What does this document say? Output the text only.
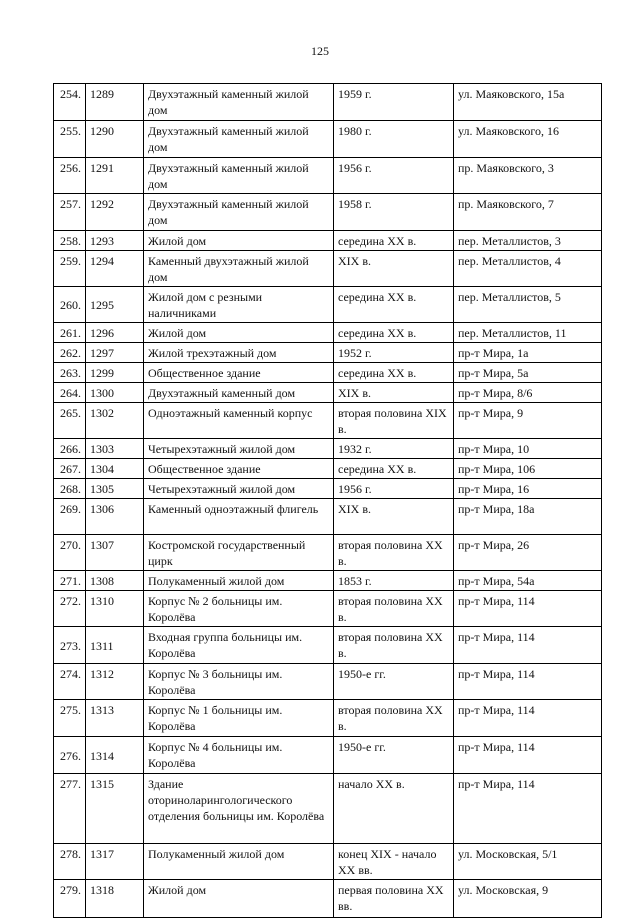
125
254.	1289	Двухэтажный каменный жилой дом	1959 г.	ул. Маяковского, 15а
255.	1290	Двухэтажный каменный жилой дом	1980 г.	ул. Маяковского, 16
256.	1291	Двухэтажный каменный жилой дом	1956 г.	пр. Маяковского, 3
257.	1292	Двухэтажный каменный жилой дом	1958 г.	пр. Маяковского, 7
258.	1293	Жилой дом	середина XX в.	пер. Металлистов, 3
259.	1294	Каменный двухэтажный жилой дом	XIX в.	пер. Металлистов, 4
260.	1295	Жилой дом с резными наличниками	середина XX в.	пер. Металлистов, 5
261.	1296	Жилой дом	середина XX в.	пер. Металлистов, 11
262.	1297	Жилой трехэтажный дом	1952 г.	пр-т Мира, 1а
263.	1299	Общественное здание	середина XX в.	пр-т Мира, 5а
264.	1300	Двухэтажный каменный дом	XIX в.	пр-т Мира, 8/6
265.	1302	Одноэтажный каменный корпус	вторая половина XIX в.	пр-т Мира, 9
266.	1303	Четырехэтажный жилой дом	1932 г.	пр-т Мира, 10
267.	1304	Общественное здание	середина XX в.	пр-т Мира, 106
268.	1305	Четырехэтажный жилой дом	1956 г.	пр-т Мира, 16
269.	1306	Каменный одноэтажный флигель	XIX в.	пр-т Мира, 18а
270.	1307	Костромской государственный цирк	вторая половина XX в.	пр-т Мира, 26
271.	1308	Полукаменный жилой дом	1853 г.	пр-т Мира, 54а
272.	1310	Корпус № 2 больницы им. Королёва	вторая половина XX в.	пр-т Мира, 114
273.	1311	Входная группа больницы им. Королёва	вторая половина XX в.	пр-т Мира, 114
274.	1312	Корпус № 3 больницы им. Королёва	1950-е гг.	пр-т Мира, 114
275.	1313	Корпус № 1 больницы им. Королёва	вторая половина XX в.	пр-т Мира, 114
276.	1314	Корпус № 4 больницы им. Королёва	1950-е гг.	пр-т Мира, 114
277.	1315	Здание оториноларингологического отделения больницы им. Королёва	начало XX в.	пр-т Мира, 114
278.	1317	Полукаменный жилой дом	конец XIX - начало XX вв.	ул. Московская, 5/1
279.	1318	Жилой дом	первая половина XX вв.	ул. Московская, 9
